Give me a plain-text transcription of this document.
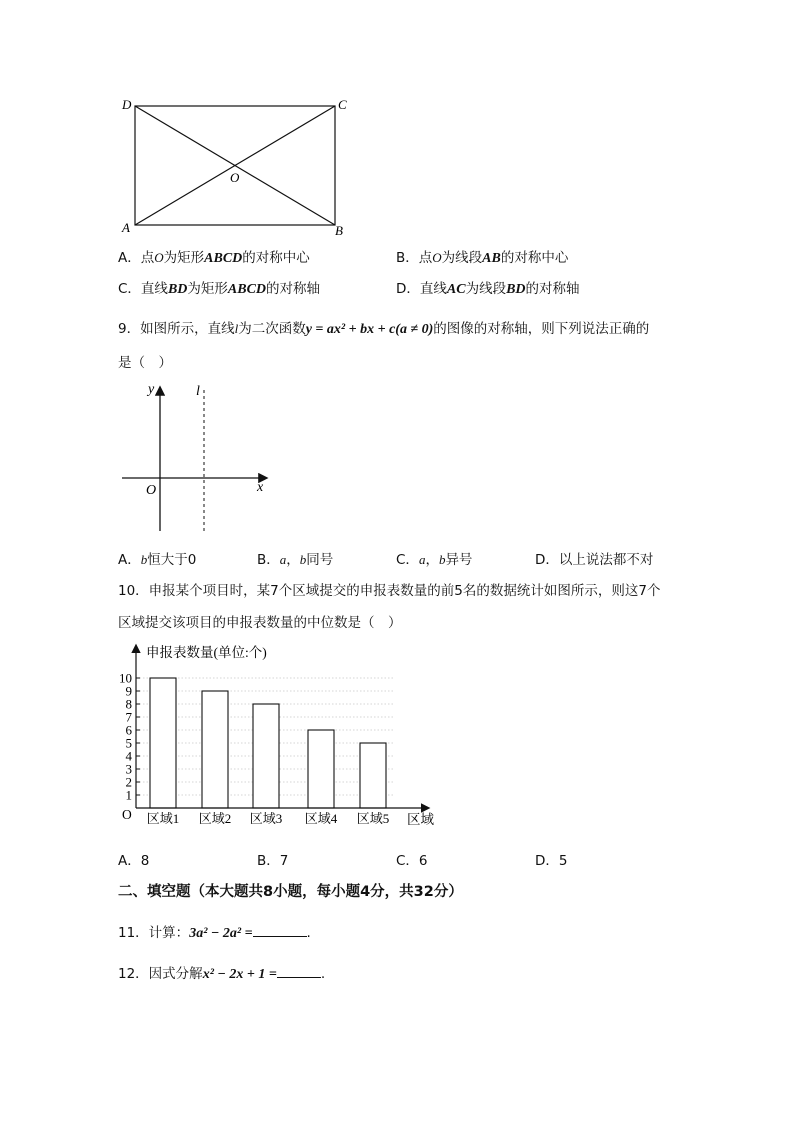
D	C
A	B
O
A．点O为矩形ABCD的对称中心	B．点O为线段AB的对称中心
C．直线BD为矩形ABCD的对称轴	D．直线AC为线段BD的对称轴
9．如图所示，直线l为二次函数y = ax² + bx + c(a ≠ 0)的图像的对称轴，则下列说法正确的
是（　）
y	l
O	x
A．b恒大于0	B．a，b同号	C．a，b异号	D．以上说法都不对
10．申报某个项目时，某7个区域提交的申报表数量的前5名的数据统计如图所示，则这7个
区域提交该项目的申报表数量的中位数是（　）
1
2
3
4
5
6
7
8
9
10
区域1 区域2 区域3 区域4 区域5
申报表数量(单位:个)
区域
O
A．8	B．7	C．6	D．5
二、填空题（本大题共8小题，每小题4分，共32分）
11．计算：3a² − 2a² =	.
12．因式分解x² − 2x + 1 =	.
